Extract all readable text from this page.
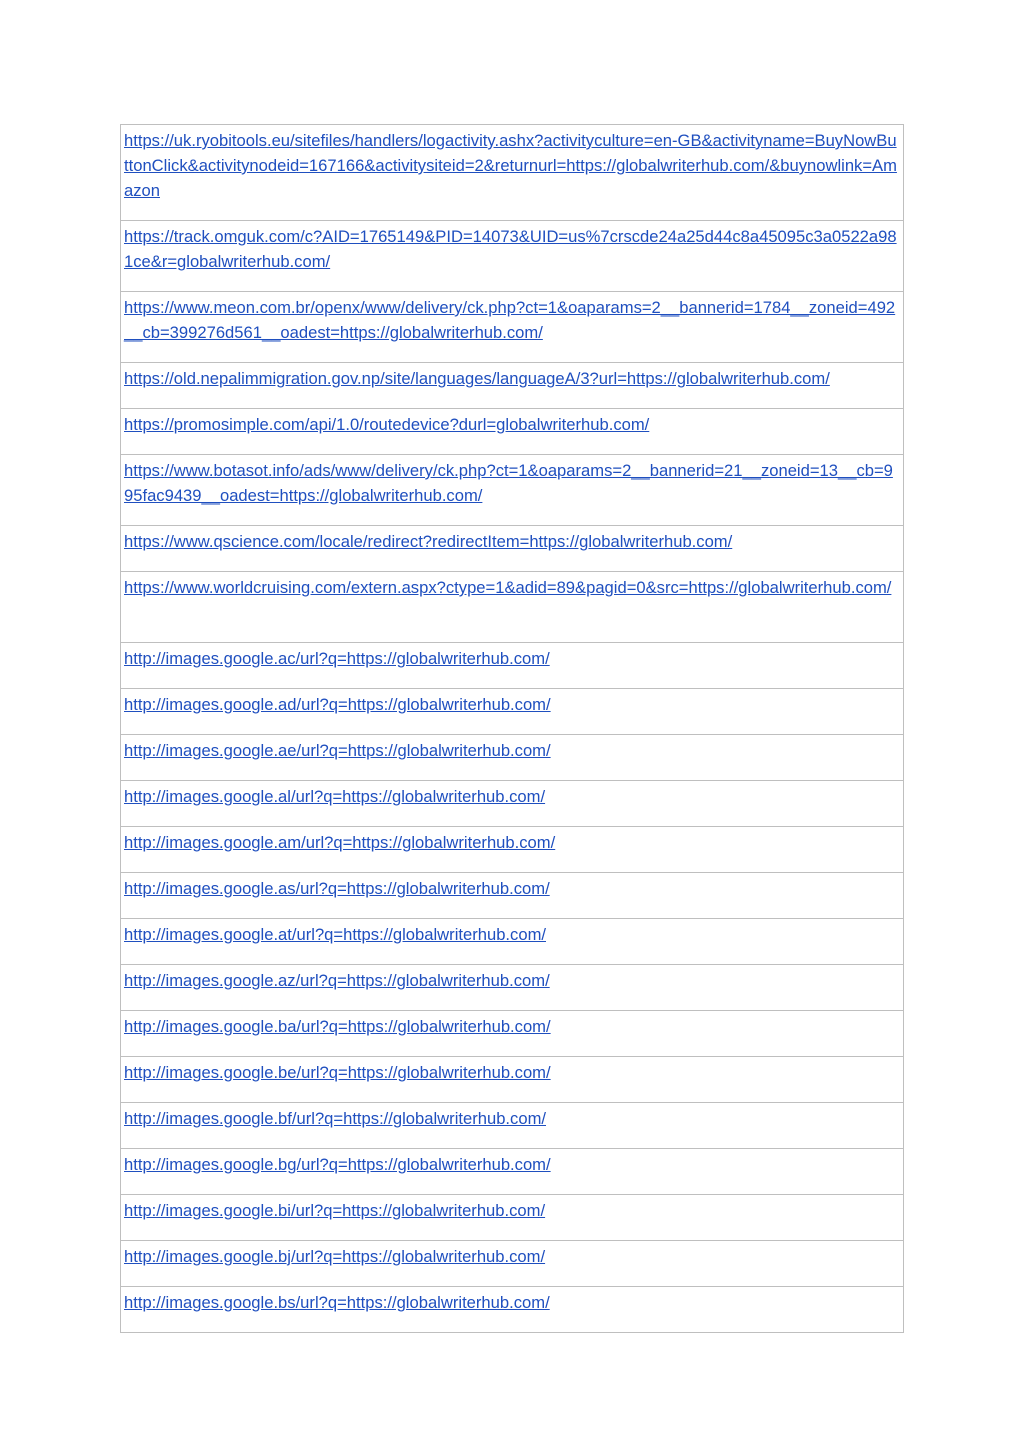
https://uk.ryobitools.eu/sitefiles/handlers/logactivity.ashx?activityculture=en-GB&activityname=BuyNowButtonClick&activitynodeid=167166&activitysiteid=2&returnurl=https://globalwriterhub.com/&buynowlink=Amazon

https://track.omguk.com/c?AID=1765149&PID=14073&UID=us%7crscde24a25d44c8a45095c3a0522a981ce&r=globalwriterhub.com/

https://www.meon.com.br/openx/www/delivery/ck.php?ct=1&oaparams=2__bannerid=1784__zoneid=492__cb=399276d561__oadest=https://globalwriterhub.com/

https://old.nepalimmigration.gov.np/site/languages/languageA/3?url=https://globalwriterhub.com/

https://promosimple.com/api/1.0/routedevice?durl=globalwriterhub.com/

https://www.botasot.info/ads/www/delivery/ck.php?ct=1&oaparams=2__bannerid=21__zoneid=13__cb=995fac9439__oadest=https://globalwriterhub.com/

https://www.qscience.com/locale/redirect?redirectItem=https://globalwriterhub.com/

https://www.worldcruising.com/extern.aspx?ctype=1&adid=89&pagid=0&src=https://globalwriterhub.com/

http://images.google.ac/url?q=https://globalwriterhub.com/

http://images.google.ad/url?q=https://globalwriterhub.com/

http://images.google.ae/url?q=https://globalwriterhub.com/

http://images.google.al/url?q=https://globalwriterhub.com/

http://images.google.am/url?q=https://globalwriterhub.com/

http://images.google.as/url?q=https://globalwriterhub.com/

http://images.google.at/url?q=https://globalwriterhub.com/

http://images.google.az/url?q=https://globalwriterhub.com/

http://images.google.ba/url?q=https://globalwriterhub.com/

http://images.google.be/url?q=https://globalwriterhub.com/

http://images.google.bf/url?q=https://globalwriterhub.com/

http://images.google.bg/url?q=https://globalwriterhub.com/

http://images.google.bi/url?q=https://globalwriterhub.com/

http://images.google.bj/url?q=https://globalwriterhub.com/

http://images.google.bs/url?q=https://globalwriterhub.com/
